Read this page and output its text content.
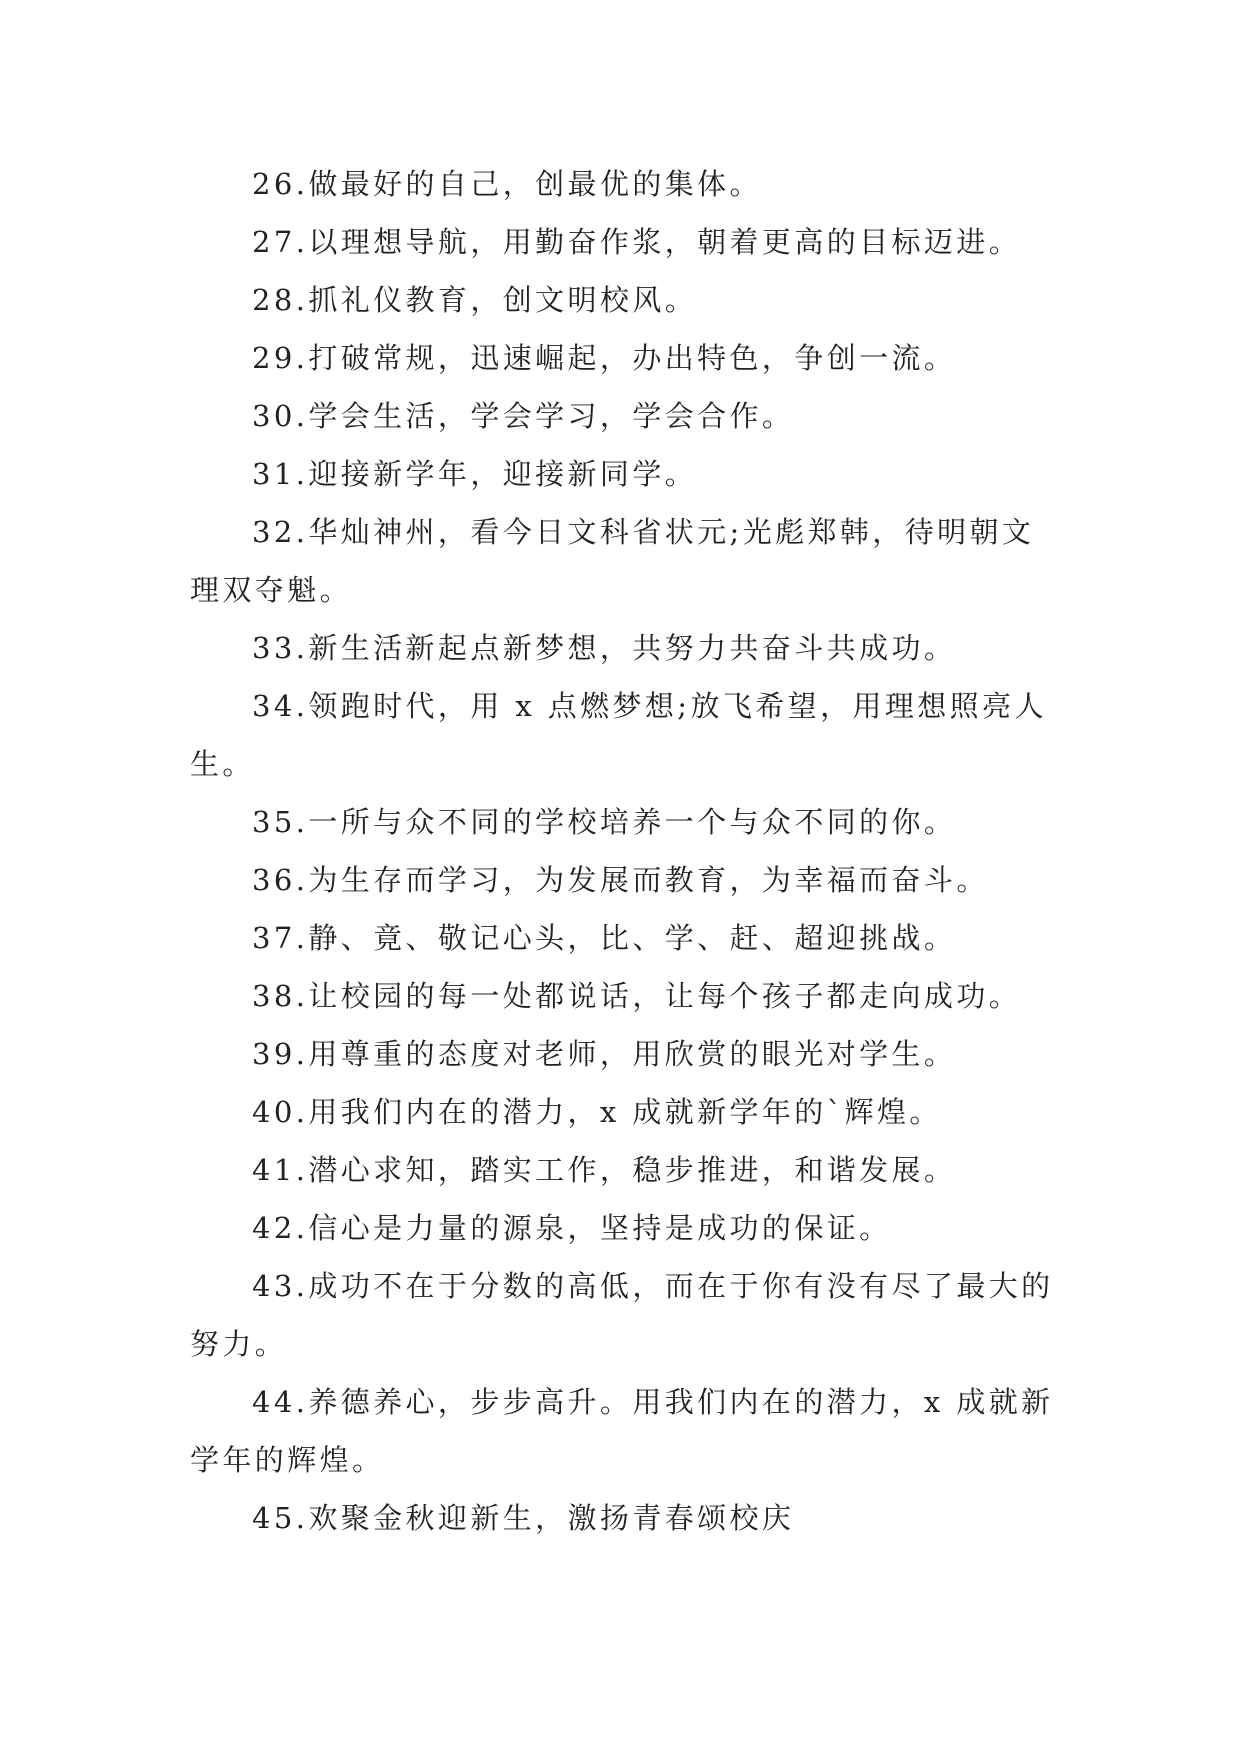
26.做最好的自己，创最优的集体。

27.以理想导航，用勤奋作浆，朝着更高的目标迈进。

28.抓礼仪教育，创文明校风。

29.打破常规，迅速崛起，办出特色，争创一流。

30.学会生活，学会学习，学会合作。

31.迎接新学年，迎接新同学。

32.华灿神州，看今日文科省状元;光彪郑韩，待明朝文理双夺魁。

33.新生活新起点新梦想，共努力共奋斗共成功。

34.领跑时代，用 x 点燃梦想;放飞希望，用理想照亮人生。

35.一所与众不同的学校培养一个与众不同的你。

36.为生存而学习，为发展而教育，为幸福而奋斗。

37.静、竟、敬记心头，比、学、赶、超迎挑战。

38.让校园的每一处都说话，让每个孩子都走向成功。

39.用尊重的态度对老师，用欣赏的眼光对学生。

40.用我们内在的潜力，x 成就新学年的`辉煌。

41.潜心求知，踏实工作，稳步推进，和谐发展。

42.信心是力量的源泉，坚持是成功的保证。

43.成功不在于分数的高低，而在于你有没有尽了最大的努力。

44.养德养心，步步高升。用我们内在的潜力，x 成就新学年的辉煌。

45.欢聚金秋迎新生，激扬青春颂校庆
